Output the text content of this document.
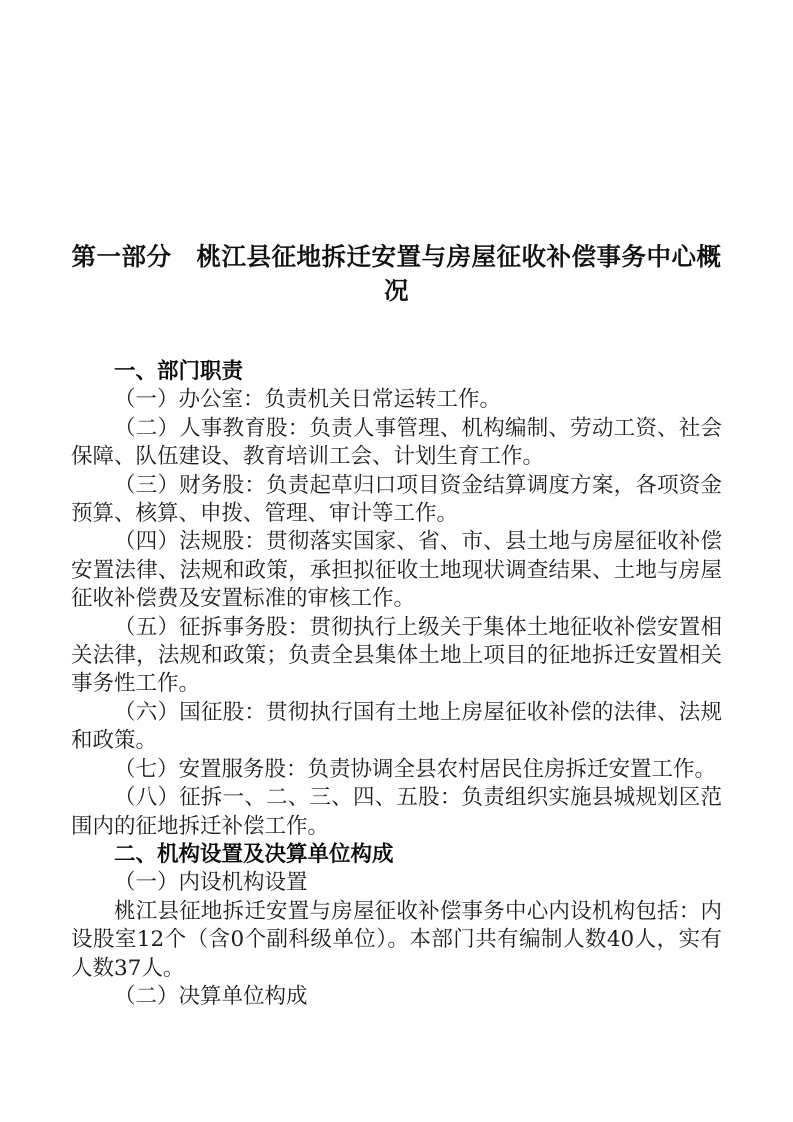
第一部分　桃江县征地拆迁安置与房屋征收补偿事务中心概况

一、部门职责

（一）办公室：负责机关日常运转工作。

（二）人事教育股：负责人事管理、机构编制、劳动工资、社会保障、队伍建设、教育培训工会、计划生育工作。

（三）财务股：负责起草归口项目资金结算调度方案，各项资金预算、核算、申拨、管理、审计等工作。

（四）法规股：贯彻落实国家、省、市、县土地与房屋征收补偿安置法律、法规和政策，承担拟征收土地现状调查结果、土地与房屋征收补偿费及安置标准的审核工作。

（五）征拆事务股：贯彻执行上级关于集体土地征收补偿安置相关法律，法规和政策；负责全县集体土地上项目的征地拆迁安置相关事务性工作。

（六）国征股：贯彻执行国有土地上房屋征收补偿的法律、法规和政策。

（七）安置服务股：负责协调全县农村居民住房拆迁安置工作。

（八）征拆一、二、三、四、五股：负责组织实施县城规划区范围内的征地拆迁补偿工作。

二、机构设置及决算单位构成

（一）内设机构设置

桃江县征地拆迁安置与房屋征收补偿事务中心内设机构包括：内设股室12个（含0个副科级单位）。本部门共有编制人数40人，实有人数37人。

（二）决算单位构成
